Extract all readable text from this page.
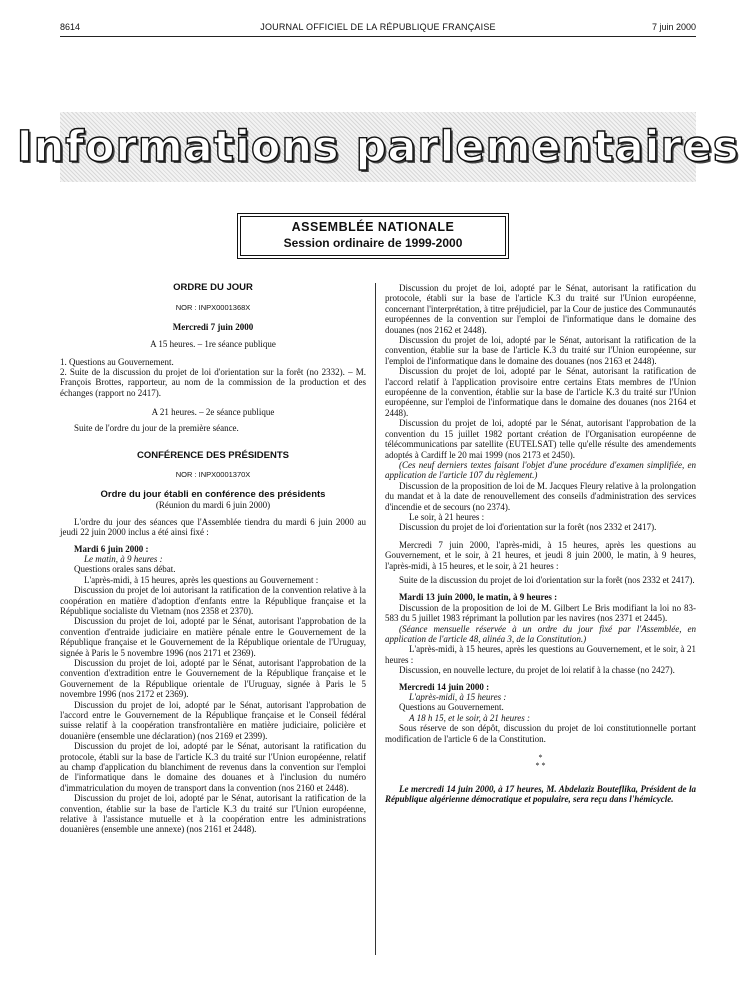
8614	JOURNAL OFFICIEL DE LA RÉPUBLIQUE FRANÇAISE	7 juin 2000
Informations parlementaires
ASSEMBLÉE NATIONALE
Session ordinaire de 1999-2000

ORDRE DU JOUR

NOR : INPX0001368X

Mercredi 7 juin 2000

A 15 heures. – 1re séance publique

1. Questions au Gouvernement.

2. Suite de la discussion du projet de loi d'orientation sur la forêt (no 2332). – M. François Brottes, rapporteur, au nom de la commission de la production et des échanges (rapport no 2417).

A 21 heures. – 2e séance publique

Suite de l'ordre du jour de la première séance.

CONFÉRENCE DES PRÉSIDENTS

NOR : INPX0001370X

Ordre du jour établi en conférence des présidents

(Réunion du mardi 6 juin 2000)

L'ordre du jour des séances que l'Assemblée tiendra du mardi 6 juin 2000 au jeudi 22 juin 2000 inclus a été ainsi fixé :

Mardi 6 juin 2000 :

Le matin, à 9 heures :

Questions orales sans débat.

L'après-midi, à 15 heures, après les questions au Gouvernement :

Discussion du projet de loi autorisant la ratification de la convention relative à la coopération en matière d'adoption d'enfants entre la République française et la République socialiste du Vietnam (nos 2358 et 2370).

Discussion du projet de loi, adopté par le Sénat, autorisant l'approbation de la convention d'entraide judiciaire en matière pénale entre le Gouvernement de la République française et le Gouvernement de la République orientale de l'Uruguay, signée à Paris le 5 novembre 1996 (nos 2171 et 2369).

Discussion du projet de loi, adopté par le Sénat, autorisant l'approbation de la convention d'extradition entre le Gouvernement de la République française et le Gouvernement de la République orientale de l'Uruguay, signée à Paris le 5 novembre 1996 (nos 2172 et 2369).

Discussion du projet de loi, adopté par le Sénat, autorisant l'approbation de l'accord entre le Gouvernement de la République française et le Conseil fédéral suisse relatif à la coopération transfrontalière en matière judiciaire, policière et douanière (ensemble une déclaration) (nos 2169 et 2399).

Discussion du projet de loi, adopté par le Sénat, autorisant la ratification du protocole, établi sur la base de l'article K.3 du traité sur l'Union européenne, relatif au champ d'application du blanchiment de revenus dans la convention sur l'emploi de l'informatique dans le domaine des douanes et à l'inclusion du numéro d'immatriculation du moyen de transport dans la convention (nos 2160 et 2448).

Discussion du projet de loi, adopté par le Sénat, autorisant la ratification de la convention, établie sur la base de l'article K.3 du traité sur l'Union européenne, relative à l'assistance mutuelle et à la coopération entre les administrations douanières (ensemble une annexe) (nos 2161 et 2448).

Discussion du projet de loi, adopté par le Sénat, autorisant la ratification du protocole, établi sur la base de l'article K.3 du traité sur l'Union européenne, concernant l'interprétation, à titre préjudiciel, par la Cour de justice des Communautés européennes de la convention sur l'emploi de l'informatique dans le domaine des douanes (nos 2162 et 2448).

Discussion du projet de loi, adopté par le Sénat, autorisant la ratification de la convention, établie sur la base de l'article K.3 du traité sur l'Union européenne, sur l'emploi de l'informatique dans le domaine des douanes (nos 2163 et 2448).

Discussion du projet de loi, adopté par le Sénat, autorisant la ratification de l'accord relatif à l'application provisoire entre certains Etats membres de l'Union européenne de la convention, établie sur la base de l'article K.3 du traité sur l'Union européenne, sur l'emploi de l'informatique dans le domaine des douanes (nos 2164 et 2448).

Discussion du projet de loi, adopté par le Sénat, autorisant l'approbation de la convention du 15 juillet 1982 portant création de l'Organisation européenne de télécommunications par satellite (EUTELSAT) telle qu'elle résulte des amendements adoptés à Cardiff le 20 mai 1999 (nos 2173 et 2450).

(Ces neuf derniers textes faisant l'objet d'une procédure d'examen simplifiée, en application de l'article 107 du règlement.)

Discussion de la proposition de loi de M. Jacques Fleury relative à la prolongation du mandat et à la date de renouvellement des conseils d'administration des services d'incendie et de secours (no 2374).

Le soir, à 21 heures :

Discussion du projet de loi d'orientation sur la forêt (nos 2332 et 2417).

Mercredi 7 juin 2000, l'après-midi, à 15 heures, après les questions au Gouvernement, et le soir, à 21 heures, et jeudi 8 juin 2000, le matin, à 9 heures, l'après-midi, à 15 heures, et le soir, à 21 heures :

Suite de la discussion du projet de loi d'orientation sur la forêt (nos 2332 et 2417).

Mardi 13 juin 2000, le matin, à 9 heures :

Discussion de la proposition de loi de M. Gilbert Le Bris modifiant la loi no 83-583 du 5 juillet 1983 réprimant la pollution par les navires (nos 2371 et 2445).

(Séance mensuelle réservée à un ordre du jour fixé par l'Assemblée, en application de l'article 48, alinéa 3, de la Constitution.)

L'après-midi, à 15 heures, après les questions au Gouvernement, et le soir, à 21 heures :

Discussion, en nouvelle lecture, du projet de loi relatif à la chasse (no 2427).

Mercredi 14 juin 2000 :

L'après-midi, à 15 heures :

Questions au Gouvernement.

A 18 h 15, et le soir, à 21 heures :

Sous réserve de son dépôt, discussion du projet de loi constitutionnelle portant modification de l'article 6 de la Constitution.

*

* *

Le mercredi 14 juin 2000, à 17 heures, M. Abdelaziz Bouteflika, Président de la République algérienne démocratique et populaire, sera reçu dans l'hémicycle.
